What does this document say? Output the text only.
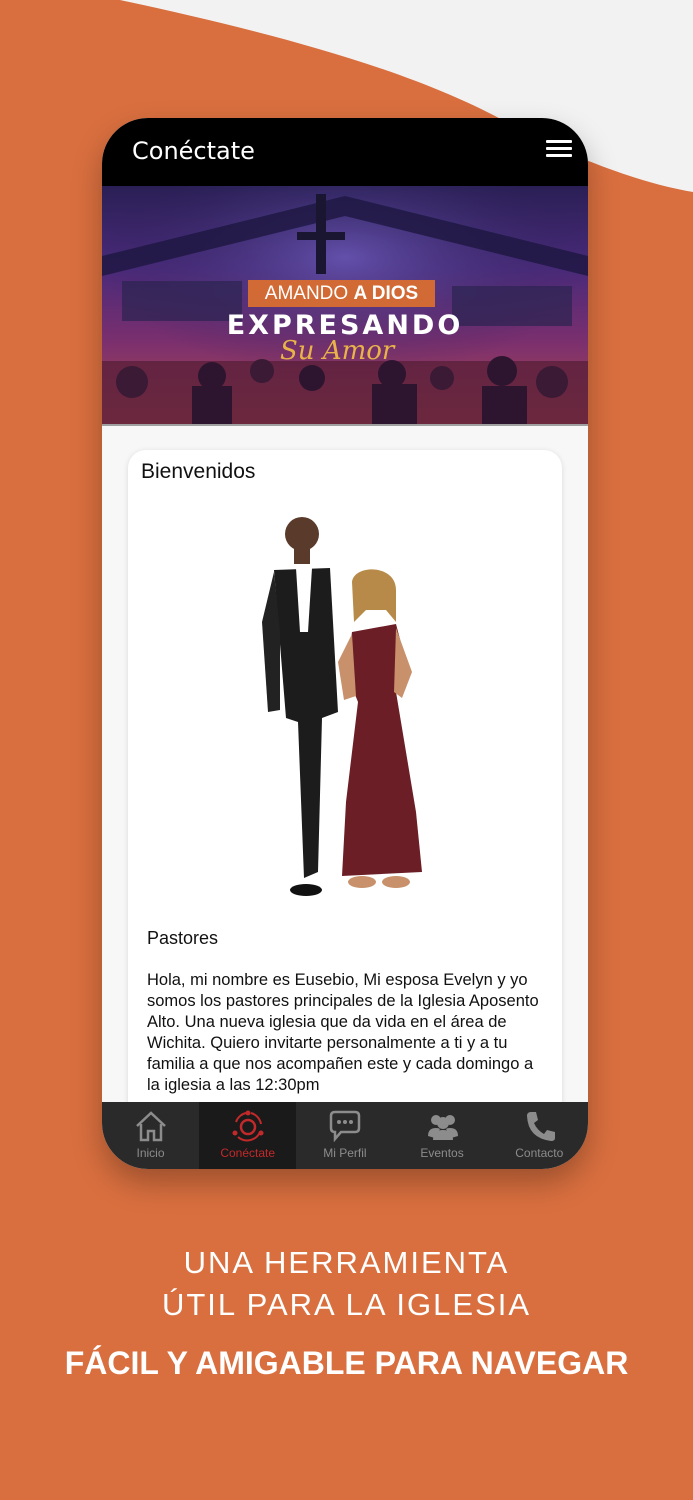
Conéctate
AMANDO A DIOS
EXPRESANDO
Su Amor
Bienvenidos
Pastores
Hola, mi nombre es Eusebio, Mi esposa Evelyn y yo somos los pastores principales de la Iglesia Aposento Alto. Una nueva iglesia que da vida en el área de Wichita. Quiero invitarte personalmente a ti y a tu familia a que nos acompañen este y cada domingo a la iglesia a las 12:30pm
Inicio	Conéctate	Mi Perfil	Eventos	Contacto
UNA HERRAMIENTA
ÚTIL PARA LA IGLESIA
FÁCIL Y AMIGABLE PARA NAVEGAR
